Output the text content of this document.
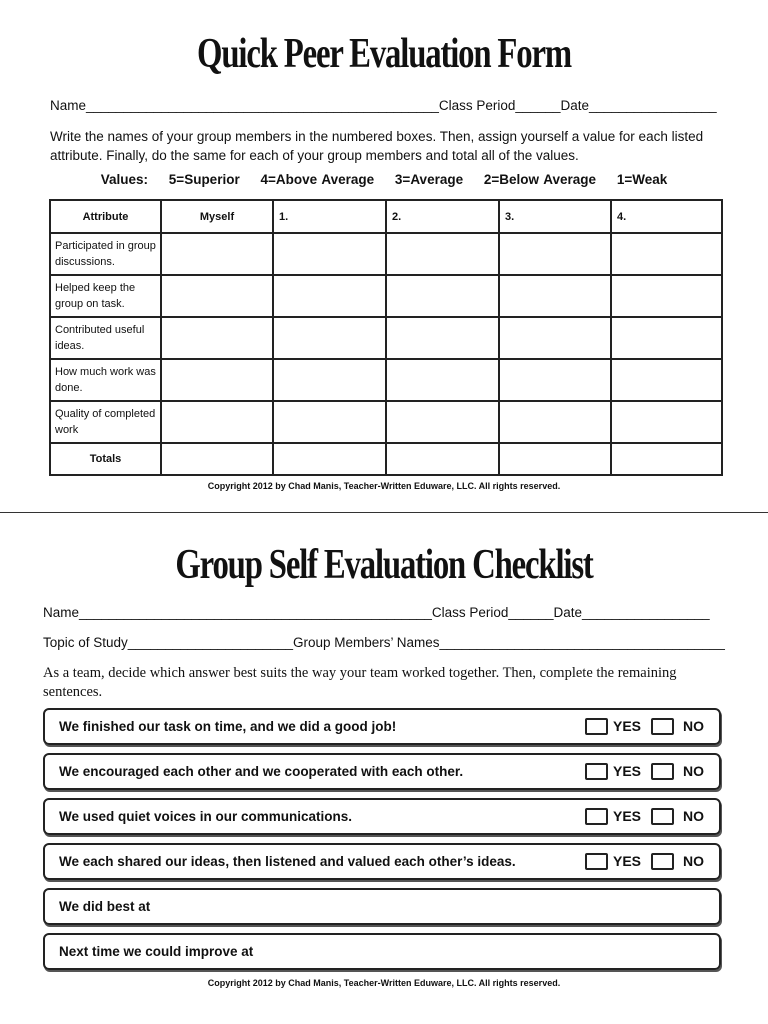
Quick Peer Evaluation Form
Name_______________________________________________Class Period______Date_________________
Write the names of your group members in the numbered boxes. Then, assign yourself a value for each listed attribute. Finally, do the same for each of your group members and total all of the values.
Values: 5=Superior 4=Above Average 3=Average 2=Below Average 1=Weak
Attribute	Myself	1.	2.	3.	4.
Participated in group discussions.					
Helped keep the group on task.					
Contributed useful ideas.					
How much work was done.					
Quality of completed work					
Totals					
Copyright 2012 by Chad Manis, Teacher-Written Eduware, LLC. All rights reserved.
Group Self Evaluation Checklist
Name_______________________________________________Class Period______Date_________________
Topic of Study______________________Group Members’ Names______________________________________
As a team, decide which answer best suits the way your team worked together. Then, complete the remaining sentences.
We finished our task on time, and we did a good job!	YES	NO
We encouraged each other and we cooperated with each other.	YES	NO
We used quiet voices in our communications.	YES	NO
We each shared our ideas, then listened and valued each other’s ideas.	YES	NO
We did best at
Next time we could improve at
Copyright 2012 by Chad Manis, Teacher-Written Eduware, LLC. All rights reserved.
